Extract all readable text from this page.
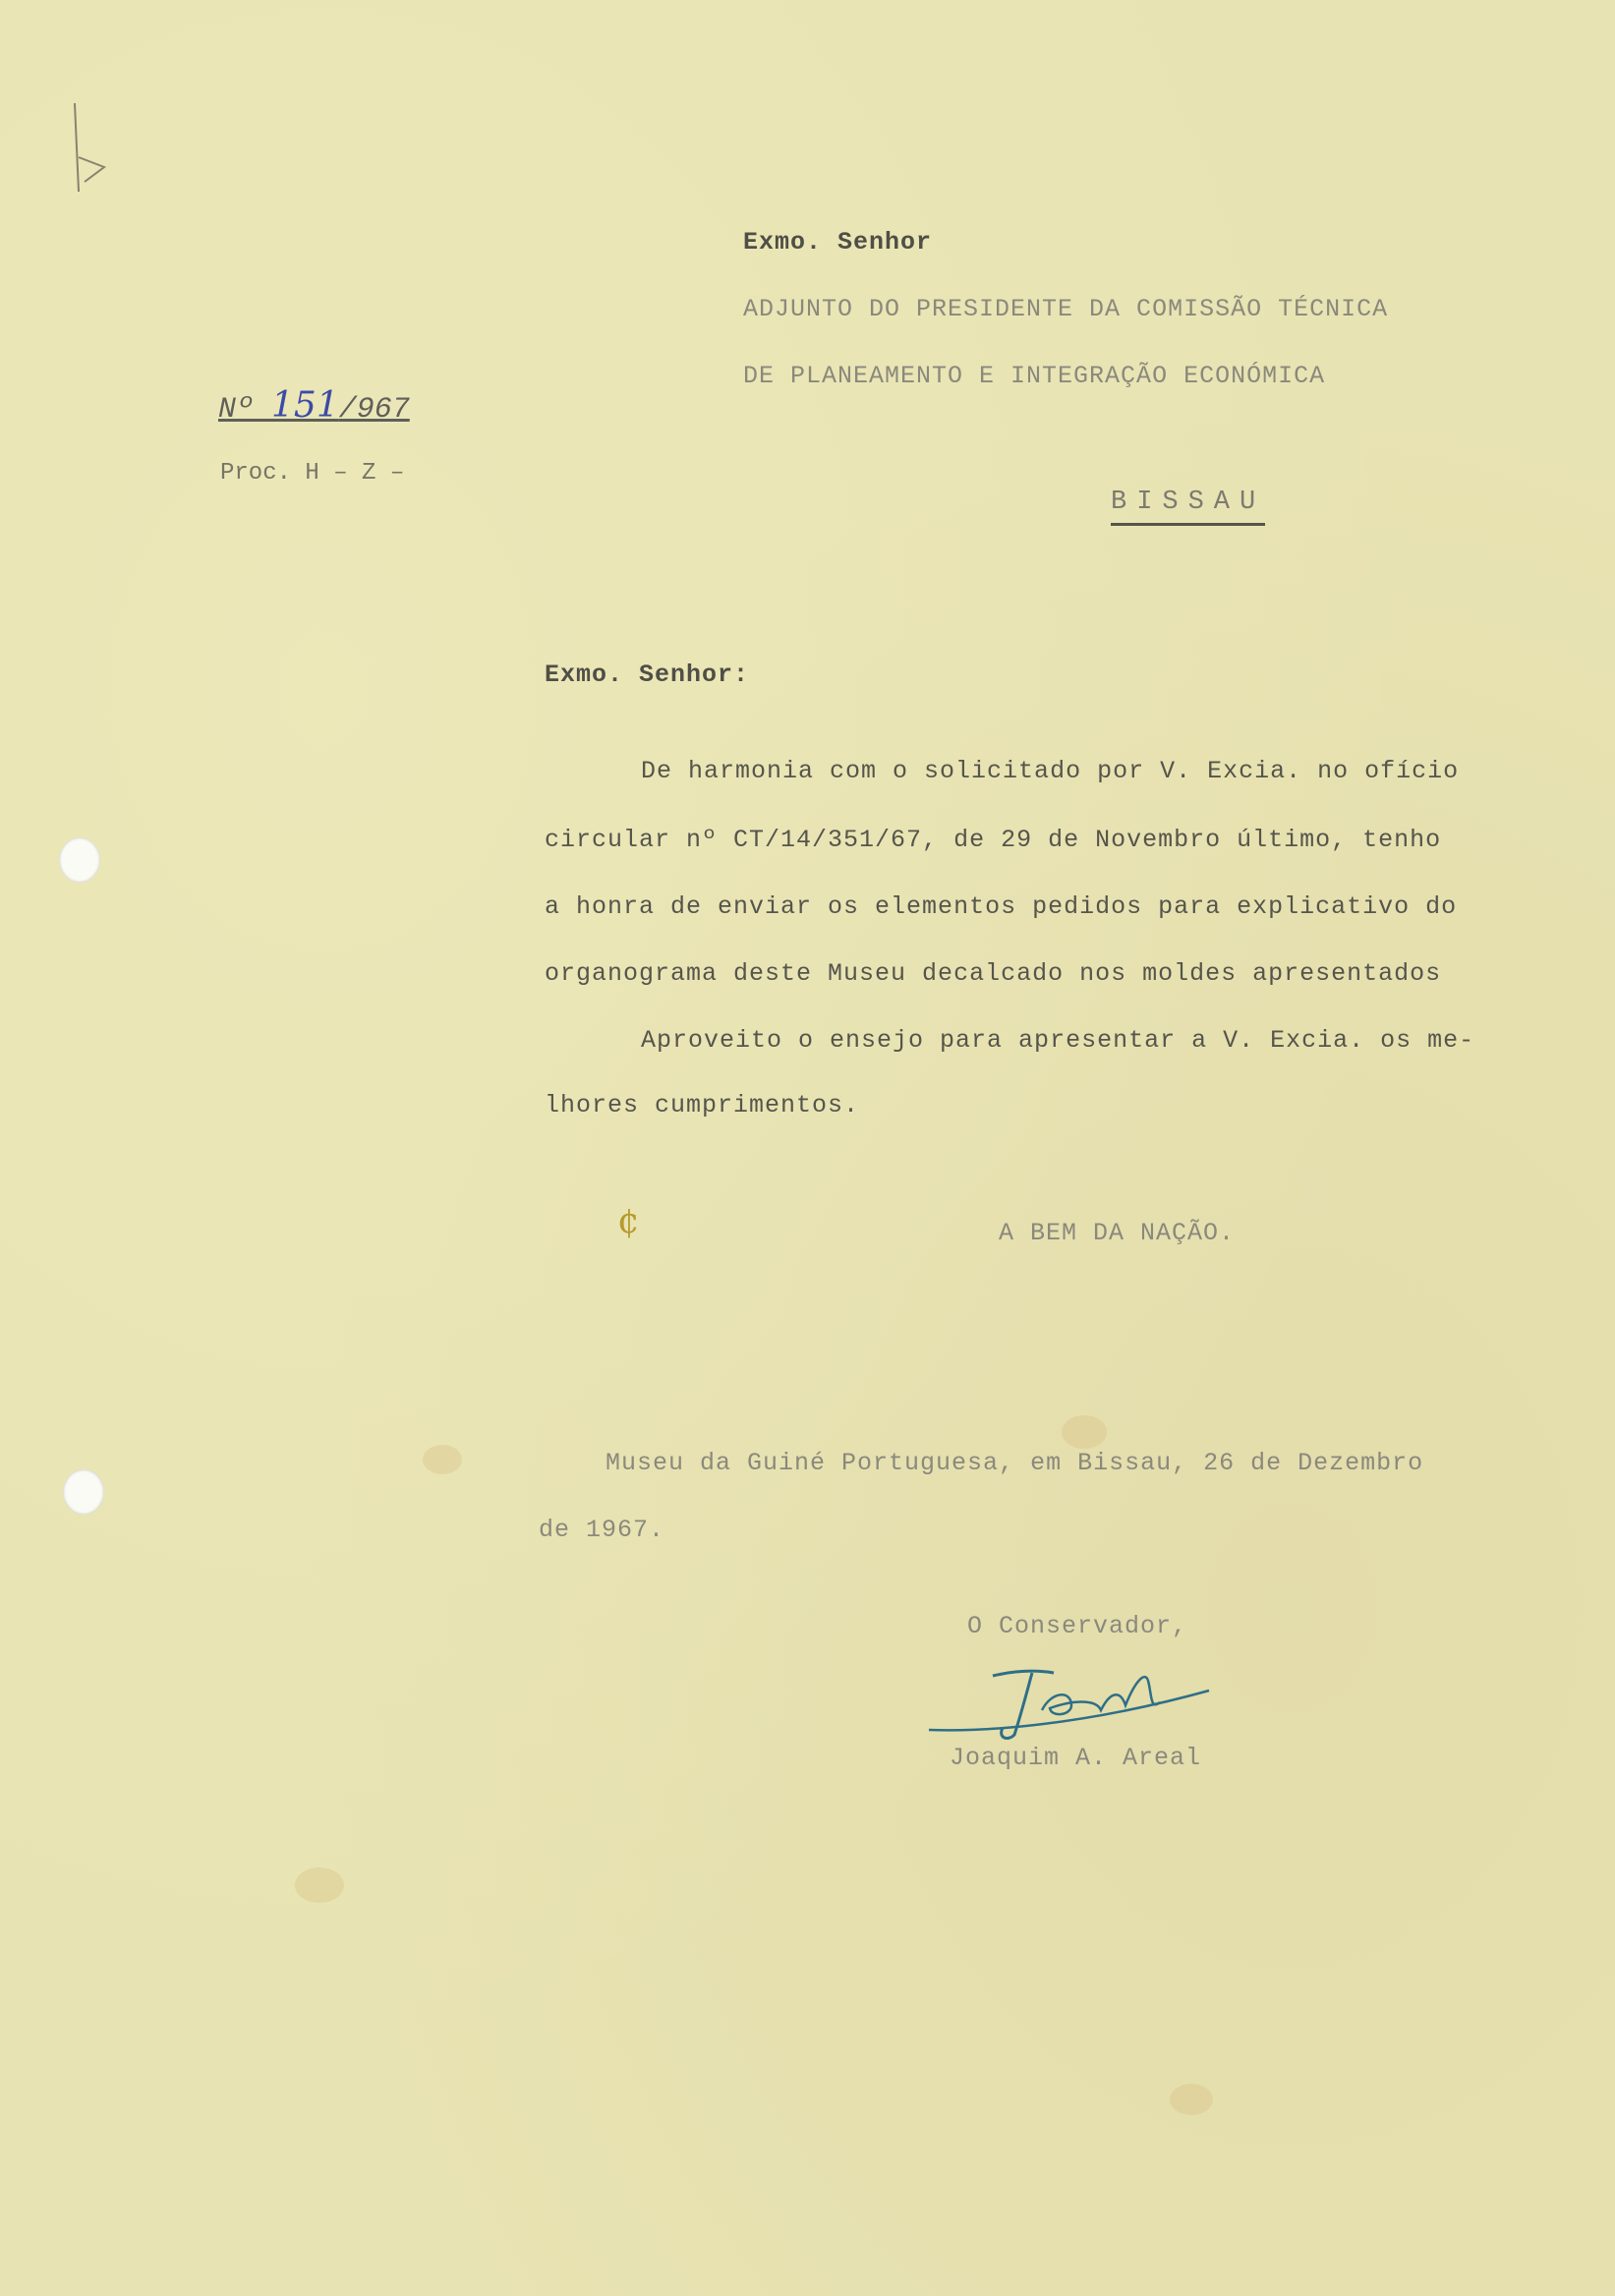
Exmo. Senhor
ADJUNTO DO PRESIDENTE DA COMISSÃO TÉCNICA
DE PLANEAMENTO E INTEGRAÇÃO ECONÓMICA
BISSAU
Nº 151/967
Proc. H – Z –
Exmo. Senhor:
De harmonia com o solicitado por V. Excia. no ofício
circular nº CT/14/351/67, de 29 de Novembro último, tenho
a honra de enviar os elementos pedidos para explicativo do
organograma deste Museu decalcado nos moldes apresentados
Aproveito o ensejo para apresentar a V. Excia. os me-
lhores cumprimentos.
¢	A BEM DA NAÇÃO.
Museu da Guiné Portuguesa, em Bissau, 26 de Dezembro
de 1967.
O Conservador,
Joaquim A. Areal
